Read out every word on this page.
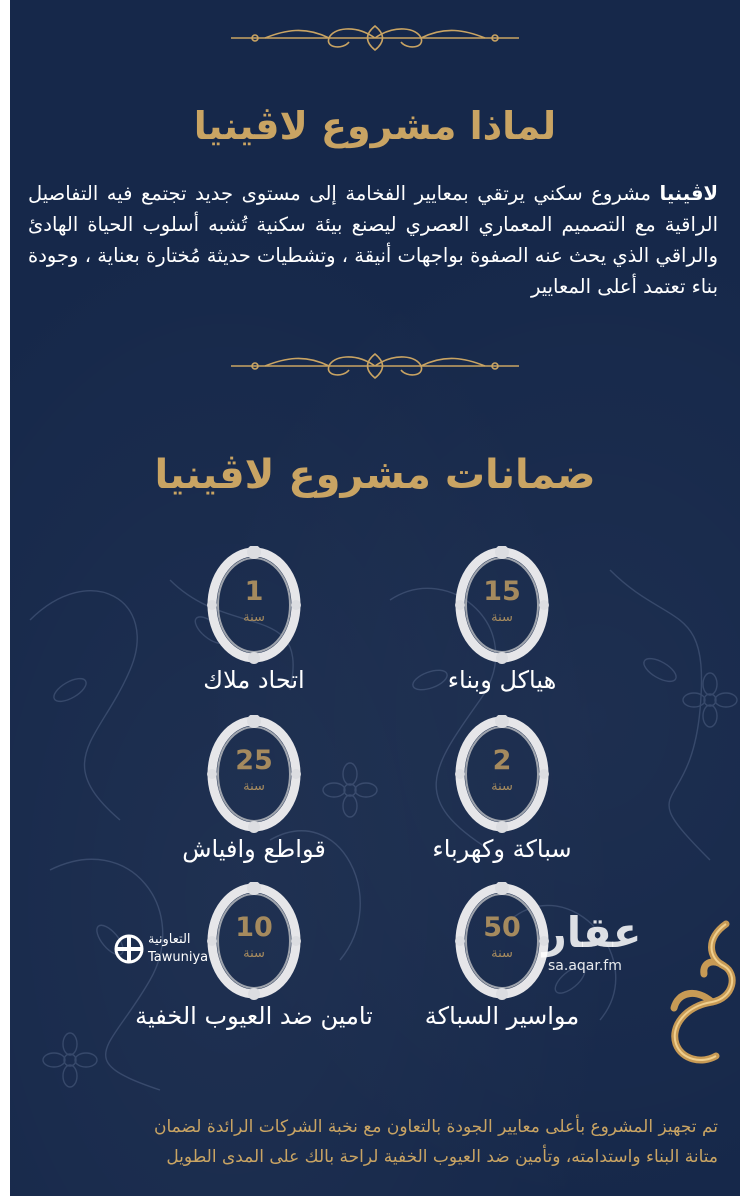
لماذا مشروع لاڤينيا

لاڤينيا مشروع سكني يرتقي بمعايير الفخامة إلى مستوى جديد تجتمع فيه التفاصيل الراقية مع التصميم المعماري العصري ليصنع بيئة سكنية تُشبه أسلوب الحياة الهادئ والراقي الذي يحث عنه الصفوة بواجهات أنيقة ، وتشطيات حديثة مُختارة بعناية ، وجودة بناء تعتمد أعلى المعايير

ضمانات مشروع لاڤينيا
15
سنة
هياكل وبناء
1
سنة
اتحاد ملاك
2
سنة
سباكة وكهرباء
25
سنة
قواطع وافياش
50
سنة
مواسير السباكة
10
سنة
تامين ضد العيوب الخفية
التعاونية
Tawuniya
عقار
sa.aqar.fm
تم تجهيز المشروع بأعلى معايير الجودة بالتعاون مع نخبة الشركات الرائدة لضمان
متانة البناء واستدامته، وتأمين ضد العيوب الخفية لراحة بالك على المدى الطويل
